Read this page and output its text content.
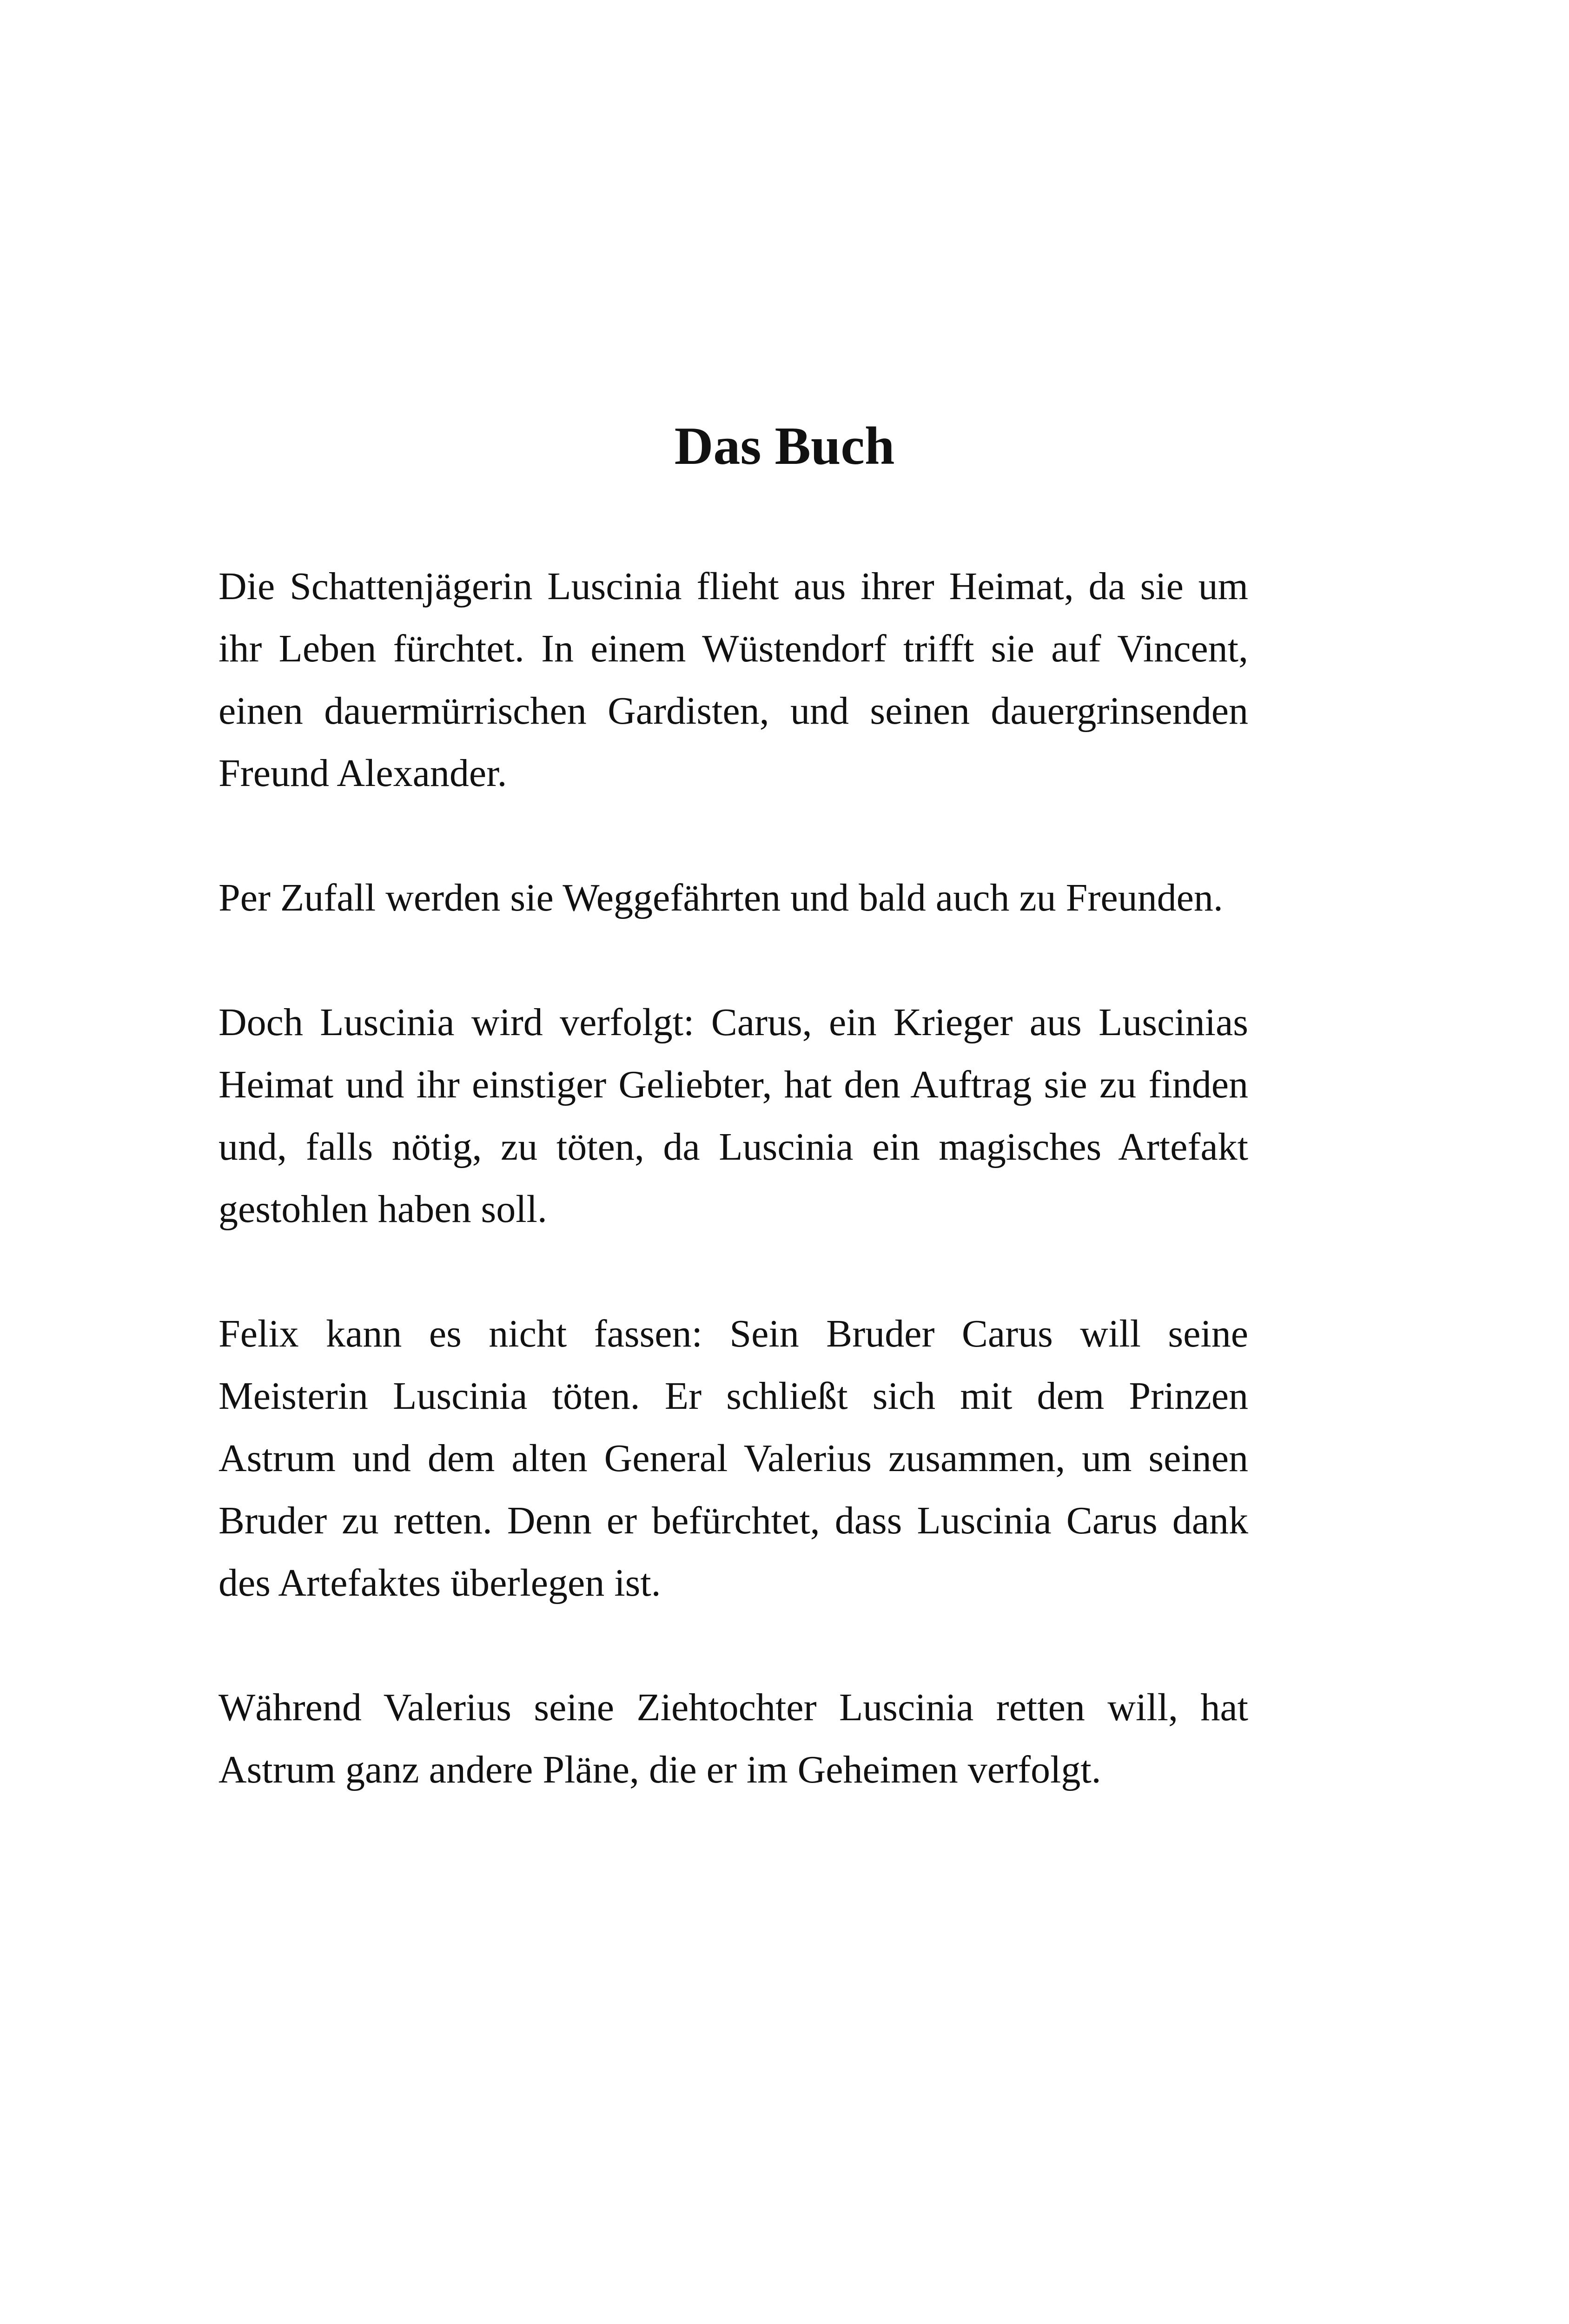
Das Buch

Die Schattenjägerin Luscinia flieht aus ihrer Heimat, da sie um ihr Leben fürchtet. In einem Wüstendorf trifft sie auf Vincent, einen dauermürrischen Gardisten, und seinen dauergrinsenden Freund Alexander.

Per Zufall werden sie Weggefährten und bald auch zu Freunden.

Doch Luscinia wird verfolgt: Carus, ein Krieger aus Luscinias Heimat und ihr einstiger Geliebter, hat den Auftrag sie zu finden und, falls nötig, zu töten, da Luscinia ein magisches Artefakt gestohlen haben soll.

Felix kann es nicht fassen: Sein Bruder Carus will seine Meisterin Luscinia töten. Er schließt sich mit dem Prinzen Astrum und dem alten General Valerius zusammen, um seinen Bruder zu retten. Denn er befürchtet, dass Luscinia Carus dank des Artefaktes überlegen ist.

Während Valerius seine Ziehtochter Luscinia retten will, hat Astrum ganz andere Pläne, die er im Geheimen verfolgt.
